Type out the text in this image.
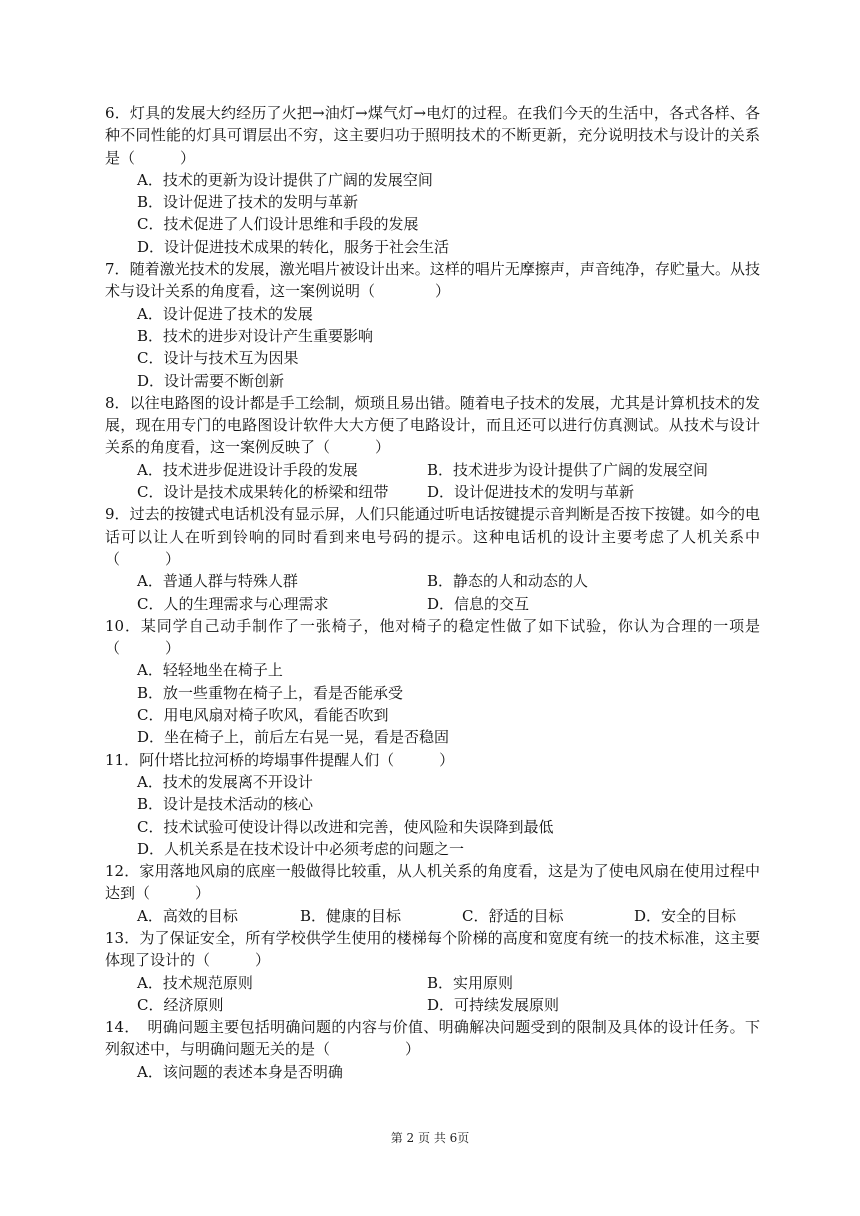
6．灯具的发展大约经历了火把→油灯→煤气灯→电灯的过程。在我们今天的生活中，各式各样、各种不同性能的灯具可谓层出不穷，这主要归功于照明技术的不断更新，充分说明技术与设计的关系是（　　　）
A．技术的更新为设计提供了广阔的发展空间
B．设计促进了技术的发明与革新
C．技术促进了人们设计思维和手段的发展
D．设计促进技术成果的转化，服务于社会生活
7．随着激光技术的发展，激光唱片被设计出来。这样的唱片无摩擦声，声音纯净，存贮量大。从技术与设计关系的角度看，这一案例说明（　　　　）
A．设计促进了技术的发展
B．技术的进步对设计产生重要影响
C．设计与技术互为因果
D．设计需要不断创新
8．以往电路图的设计都是手工绘制，烦琐且易出错。随着电子技术的发展，尤其是计算机技术的发展，现在用专门的电路图设计软件大大方便了电路设计，而且还可以进行仿真测试。从技术与设计关系的角度看，这一案例反映了（　　　）
A．技术进步促进设计手段的发展	B．技术进步为设计提供了广阔的发展空间
C．设计是技术成果转化的桥梁和纽带	D．设计促进技术的发明与革新
9．过去的按键式电话机没有显示屏，人们只能通过听电话按键提示音判断是否按下按键。如今的电话可以让人在听到铃响的同时看到来电号码的提示。这种电话机的设计主要考虑了人机关系中（　　　）
A．普通人群与特殊人群	B．静态的人和动态的人
C．人的生理需求与心理需求	D．信息的交互
10．某同学自己动手制作了一张椅子，他对椅子的稳定性做了如下试验，你认为合理的一项是（　　　）
A．轻轻地坐在椅子上
B．放一些重物在椅子上，看是否能承受
C．用电风扇对椅子吹风，看能否吹到
D．坐在椅子上，前后左右晃一晃，看是否稳固
11．阿什塔比拉河桥的垮塌事件提醒人们（　　　）
A．技术的发展离不开设计
B．设计是技术活动的核心
C．技术试验可使设计得以改进和完善，使风险和失误降到最低
D．人机关系是在技术设计中必须考虑的问题之一
12．家用落地风扇的底座一般做得比较重，从人机关系的角度看，这是为了使电风扇在使用过程中达到（　　　）
A．高效的目标	B．健康的目标	C．舒适的目标	D．安全的目标
13．为了保证安全，所有学校供学生使用的楼梯每个阶梯的高度和宽度有统一的技术标准，这主要体现了设计的（　　　）
A．技术规范原则	B．实用原则
C．经济原则	D．可持续发展原则
14．　明确问题主要包括明确问题的内容与价值、明确解决问题受到的限制及具体的设计任务。下列叙述中，与明确问题无关的是（　　　　　）
A．该问题的表述本身是否明确
第 2 页 共 6页
